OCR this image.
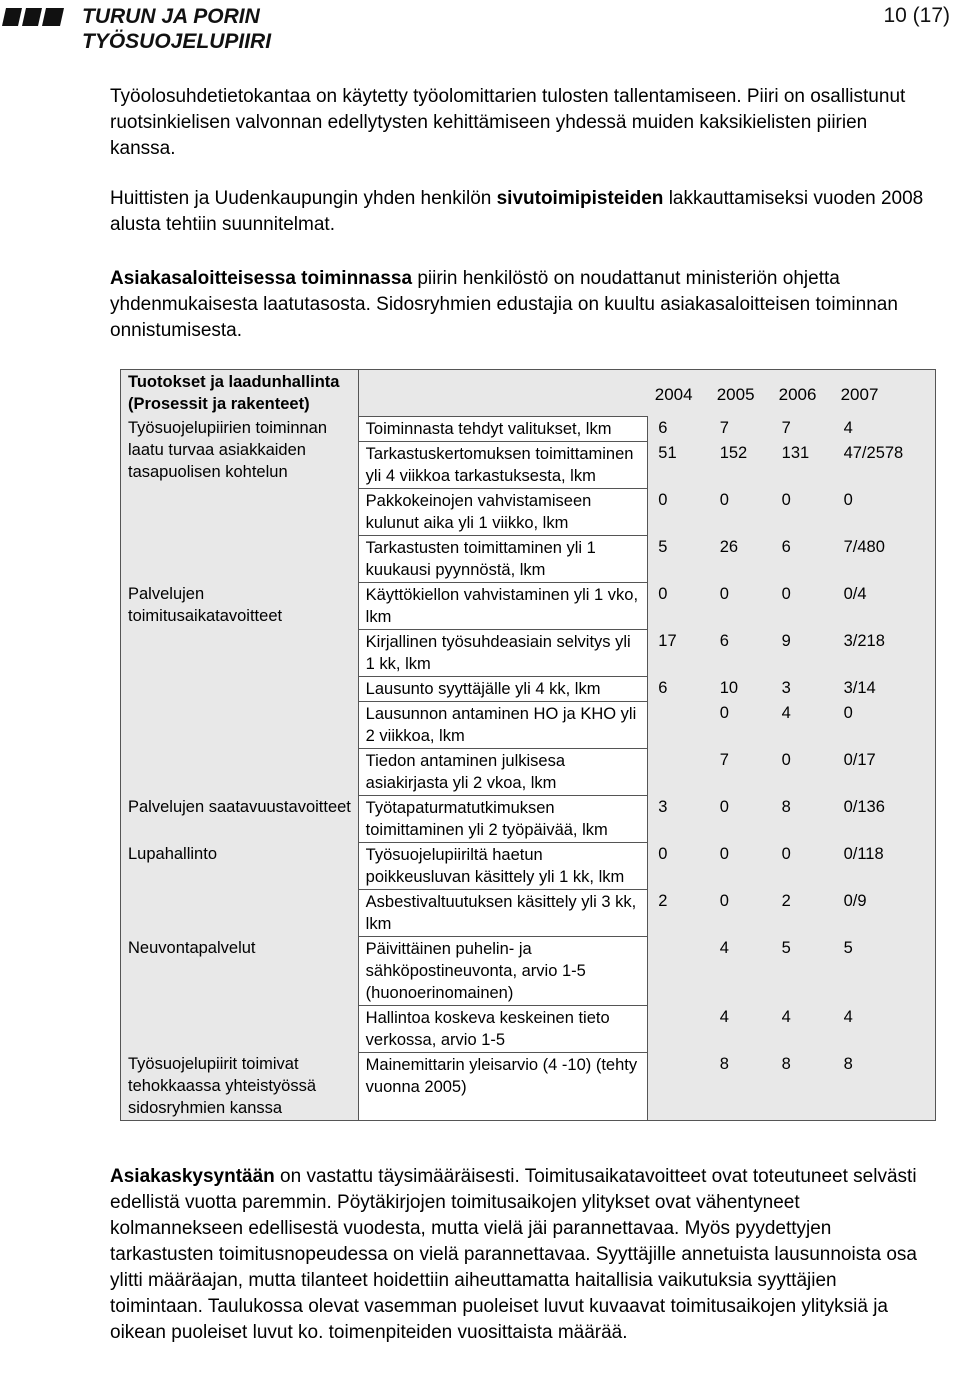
TURUN JA PORIN
TYÖSUOJELUPIIRI
10 (17)

Työolosuhdetietokantaa on käytetty työolomittarien tulosten tallentamiseen. Piiri on osallistunut ruotsinkielisen valvonnan edellytysten kehittämiseen yhdessä muiden kaksikielisten piirien kanssa.

Huittisten ja Uudenkaupungin yhden henkilön sivutoimipisteiden lakkauttamiseksi vuoden 2008 alusta tehtiin suunnitelmat.

Asiakasaloitteisessa toiminnassa piirin henkilöstö on noudattanut ministeriön ohjetta yhdenmukaisesta laatutasosta. Sidosryhmien edustajia on kuultu asiakasaloitteisen toiminnan onnistumisesta.

Tuotokset ja laadunhallinta
(Prosessit ja rakenteet)		2004	2005	2006	2007
Työsuojelupiirien toiminnan laatu turvaa asiakkaiden tasapuolisen kohtelun	Toiminnasta tehdyt valitukset, lkm	6	7	7	4
	Tarkastuskertomuksen toimittaminen yli 4 viikkoa tarkastuksesta, lkm	51	152	131	47/2578
	Pakkokeinojen vahvistamiseen kulunut aika yli 1 viikko, lkm	0	0	0	0
	Tarkastusten toimittaminen yli 1 kuukausi pyynnöstä, lkm	5	26	6	7/480
Palvelujen toimitusaikatavoitteet	Käyttökiellon vahvistaminen yli 1 vko, lkm	0	0	0	0/4
	Kirjallinen työsuhdeasiain selvitys yli 1 kk, lkm	17	6	9	3/218
	Lausunto syyttäjälle yli 4 kk, lkm	6	10	3	3/14
	Lausunnon antaminen HO ja KHO yli 2 viikkoa, lkm		0	4	0
	Tiedon antaminen julkisesa asiakirjasta yli 2 vkoa, lkm		7	0	0/17
Palvelujen saatavuustavoitteet	Työtapaturmatutkimuksen toimittaminen yli 2 työpäivää, lkm	3	0	8	0/136
Lupahallinto	Työsuojelupiiriltä haetun poikkeusluvan käsittely yli 1 kk, lkm	0	0	0	0/118
	Asbestivaltuutuksen käsittely yli 3 kk, lkm	2	0	2	0/9
Neuvontapalvelut	Päivittäinen puhelin- ja sähköpostineuvonta, arvio 1-5 (huonoerinomainen)		4	5	5
	Hallintoa koskeva keskeinen tieto verkossa, arvio 1-5		4	4	4
Työsuojelupiirit toimivat tehokkaassa yhteistyössä sidosryhmien kanssa	Mainemittarin yleisarvio (4 -10) (tehty vuonna 2005)		8	8	8

Asiakaskysyntään on vastattu täysimääräisesti. Toimitusaikatavoitteet ovat toteutuneet selvästi edellistä vuotta paremmin. Pöytäkirjojen toimitusaikojen ylitykset ovat vähentyneet kolmannekseen edellisestä vuodesta, mutta vielä jäi parannettavaa. Myös pyydettyjen tarkastusten toimitusnopeudessa on vielä parannettavaa. Syyttäjille annetuista lausunnoista osa ylitti määräajan, mutta tilanteet hoidettiin aiheuttamatta haitallisia vaikutuksia syyttäjien toimintaan. Taulukossa olevat vasemman puoleiset luvut kuvaavat toimitusaikojen ylityksiä ja oikean puoleiset luvut ko. toimenpiteiden vuosittaista määrää.
